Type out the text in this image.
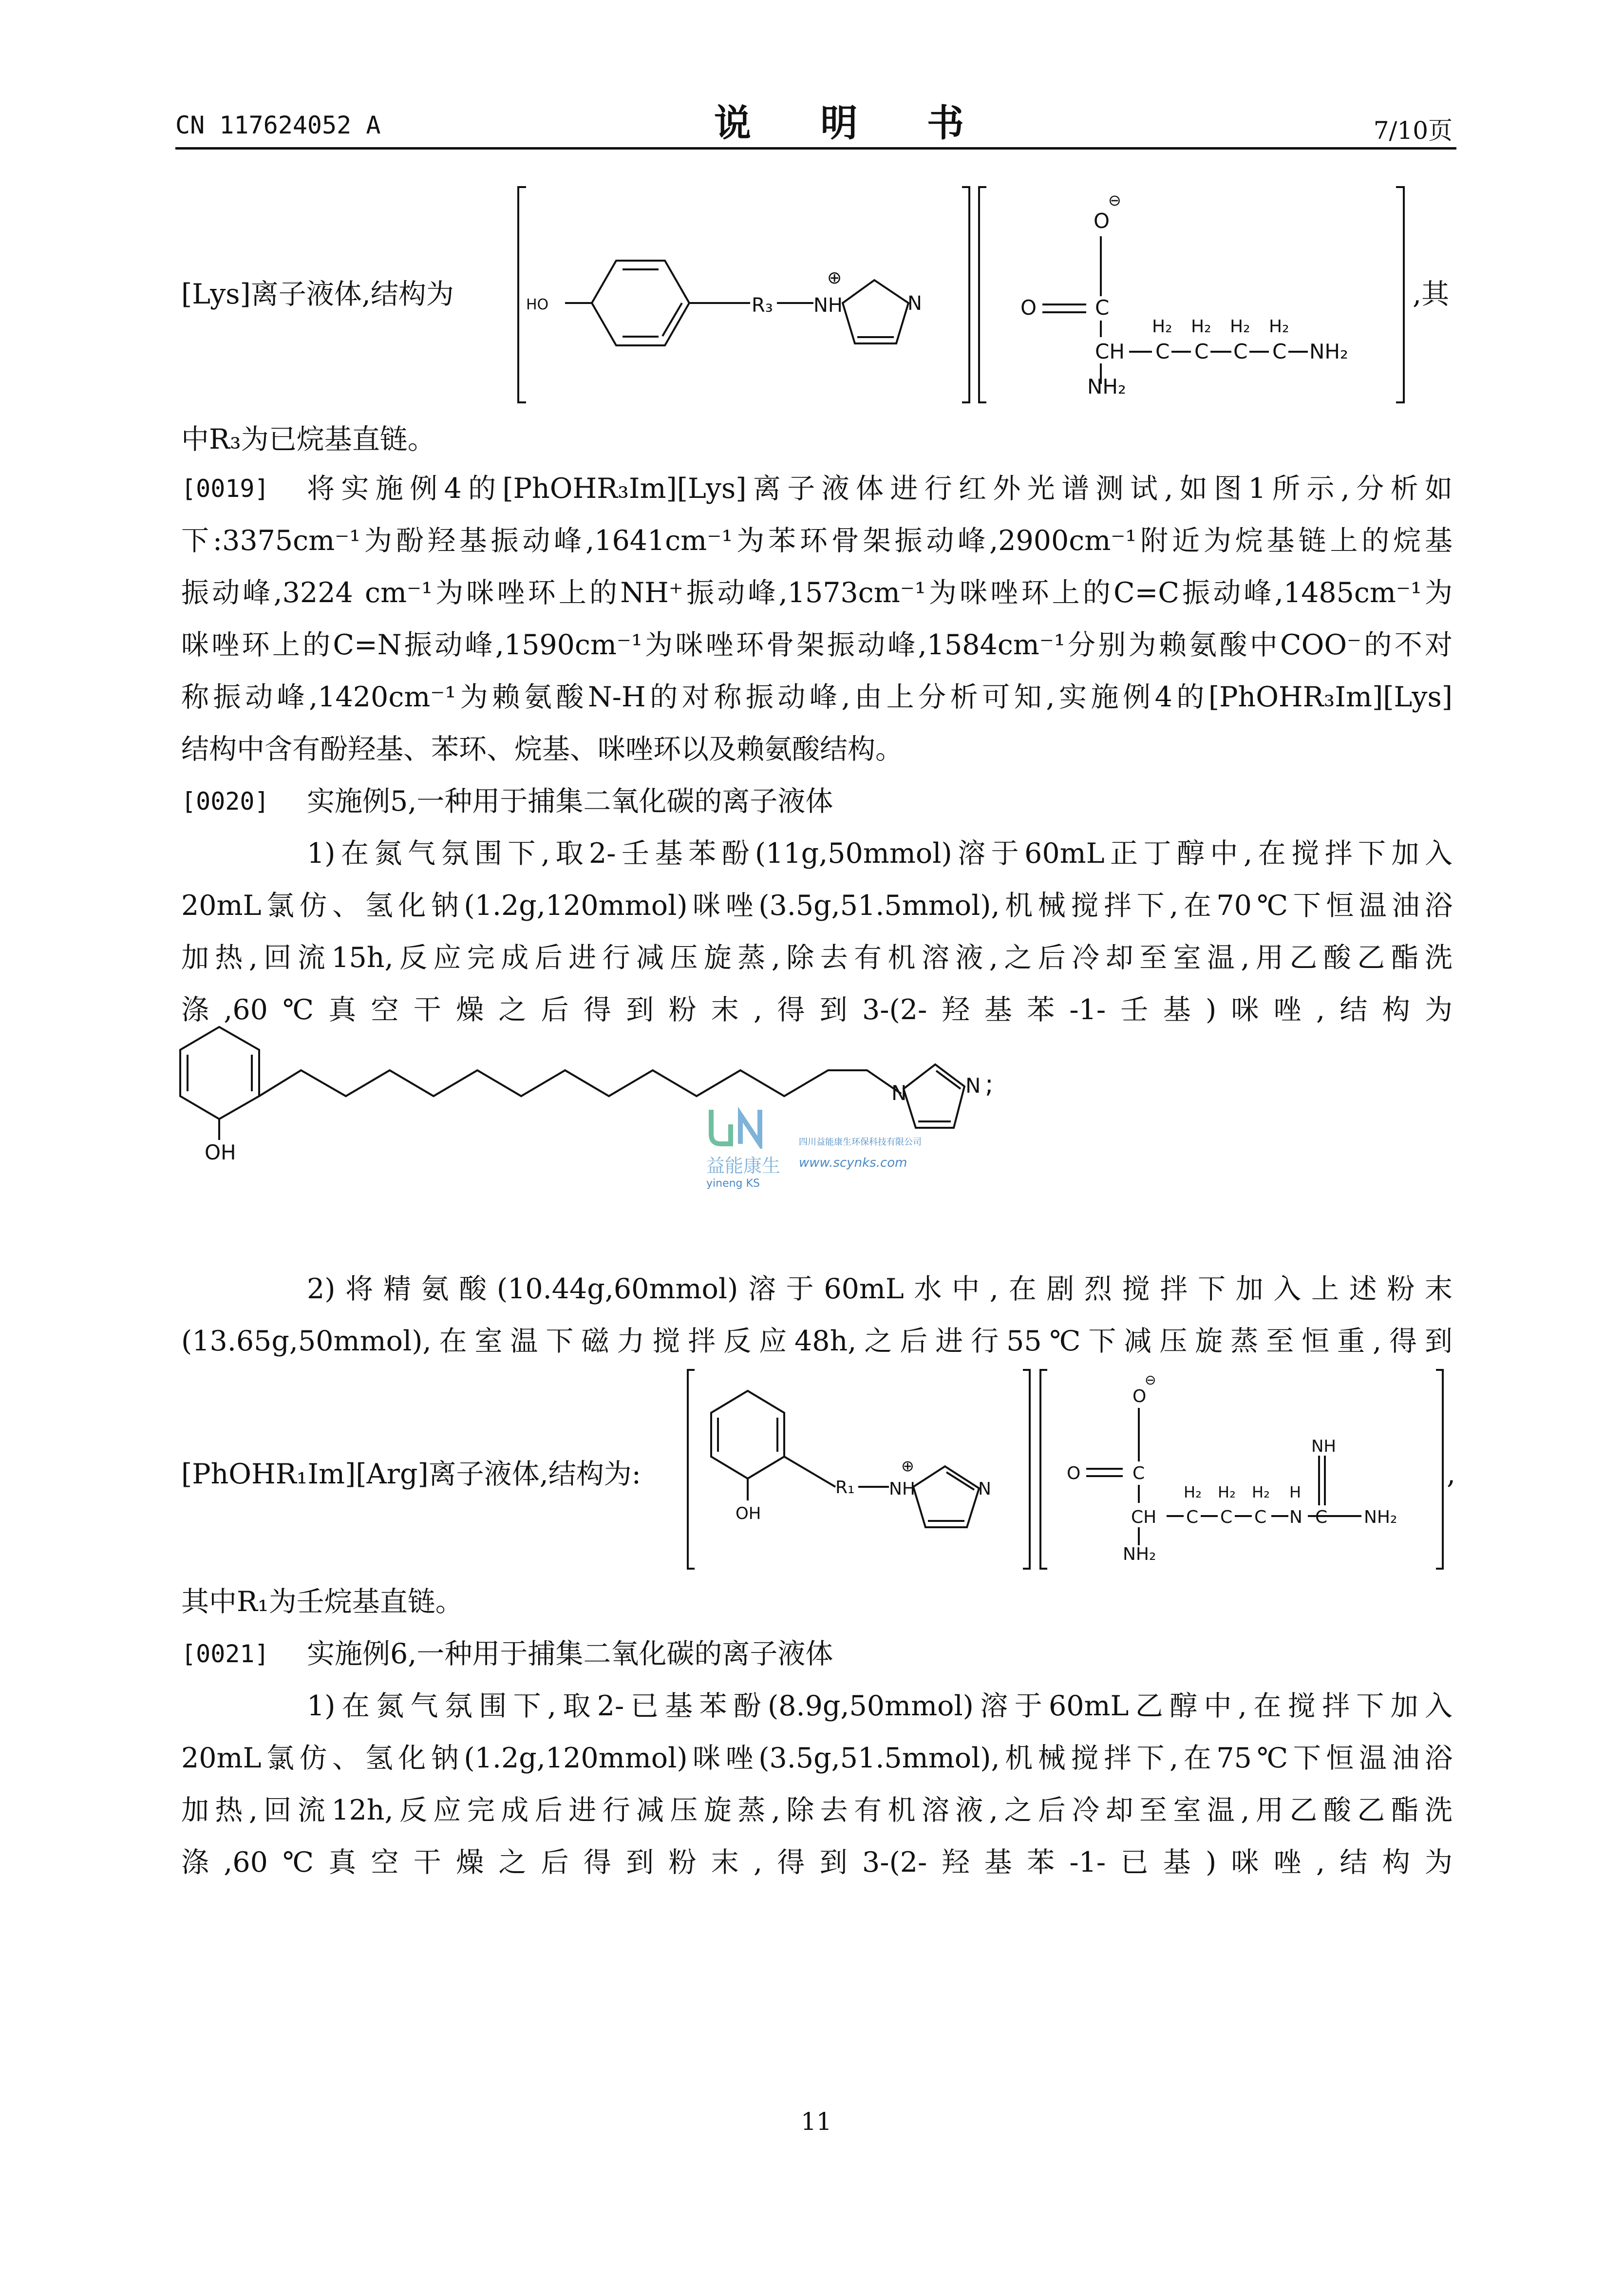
CN 117624052 A	说 明 书	7/10页
[Lys]离子液体,结构为	HO	R₃ NH
⊕
N
O
⊖
O	C
CH
H₂
C
H₂
C
H₂
C
H₂
C NH₂
NH₂
,其
中R₃为已烷基直链。
[0019] 将实施例4的[PhOHR₃Im][Lys]离子液体进行红外光谱测试,如图1所示,分析如
下:3375cm⁻¹为酚羟基振动峰,1641cm⁻¹为苯环骨架振动峰,2900cm⁻¹附近为烷基链上的烷基
振动峰,3224 cm⁻¹为咪唑环上的NH⁺振动峰,1573cm⁻¹为咪唑环上的C=C振动峰,1485cm⁻¹为
咪唑环上的C=N振动峰,1590cm⁻¹为咪唑环骨架振动峰,1584cm⁻¹分别为赖氨酸中COO⁻的不对
称振动峰,1420cm⁻¹为赖氨酸N-H的对称振动峰,由上分析可知,实施例4的[PhOHR₃Im][Lys]
结构中含有酚羟基、苯环、烷基、咪唑环以及赖氨酸结构。
[0020] 实施例5,一种用于捕集二氧化碳的离子液体
1)在氮气氛围下,取2-壬基苯酚(11g,50mmol)溶于60mL正丁醇中,在搅拌下加入
20mL氯仿、氢化钠(1.2g,120mmol)咪唑(3.5g,51.5mmol),机械搅拌下,在70℃下恒温油浴
加热,回流15h,反应完成后进行减压旋蒸,除去有机溶液,之后冷却至室温,用乙酸乙酯洗
涤,60℃真空干燥之后得到粉末,得到3-(2-羟基苯-1-壬基)咪唑,结构为
OH
N	N ;
益能康生
yineng KS
四川益能康生环保科技有限公司
www.scynks.com
2)将精氨酸(10.44g,60mmol)溶于60mL水中,在剧烈搅拌下加入上述粉末
(13.65g,50mmol),在室温下磁力搅拌反应48h,之后进行55℃下减压旋蒸至恒重,得到
[PhOHR₁Im][Arg]离子液体,结构为:
OH
R₁ NH
⊕
N
O
⊖
O	C
CH
H₂
C
H₂
C
H₂
C
H
N
NH
C NH₂
NH₂
,
其中R₁为壬烷基直链。
[0021] 实施例6,一种用于捕集二氧化碳的离子液体
1)在氮气氛围下,取2-已基苯酚(8.9g,50mmol)溶于60mL乙醇中,在搅拌下加入
20mL氯仿、氢化钠(1.2g,120mmol)咪唑(3.5g,51.5mmol),机械搅拌下,在75℃下恒温油浴
加热,回流12h,反应完成后进行减压旋蒸,除去有机溶液,之后冷却至室温,用乙酸乙酯洗
涤,60℃真空干燥之后得到粉末,得到3-(2-羟基苯-1-已基)咪唑,结构为
11
